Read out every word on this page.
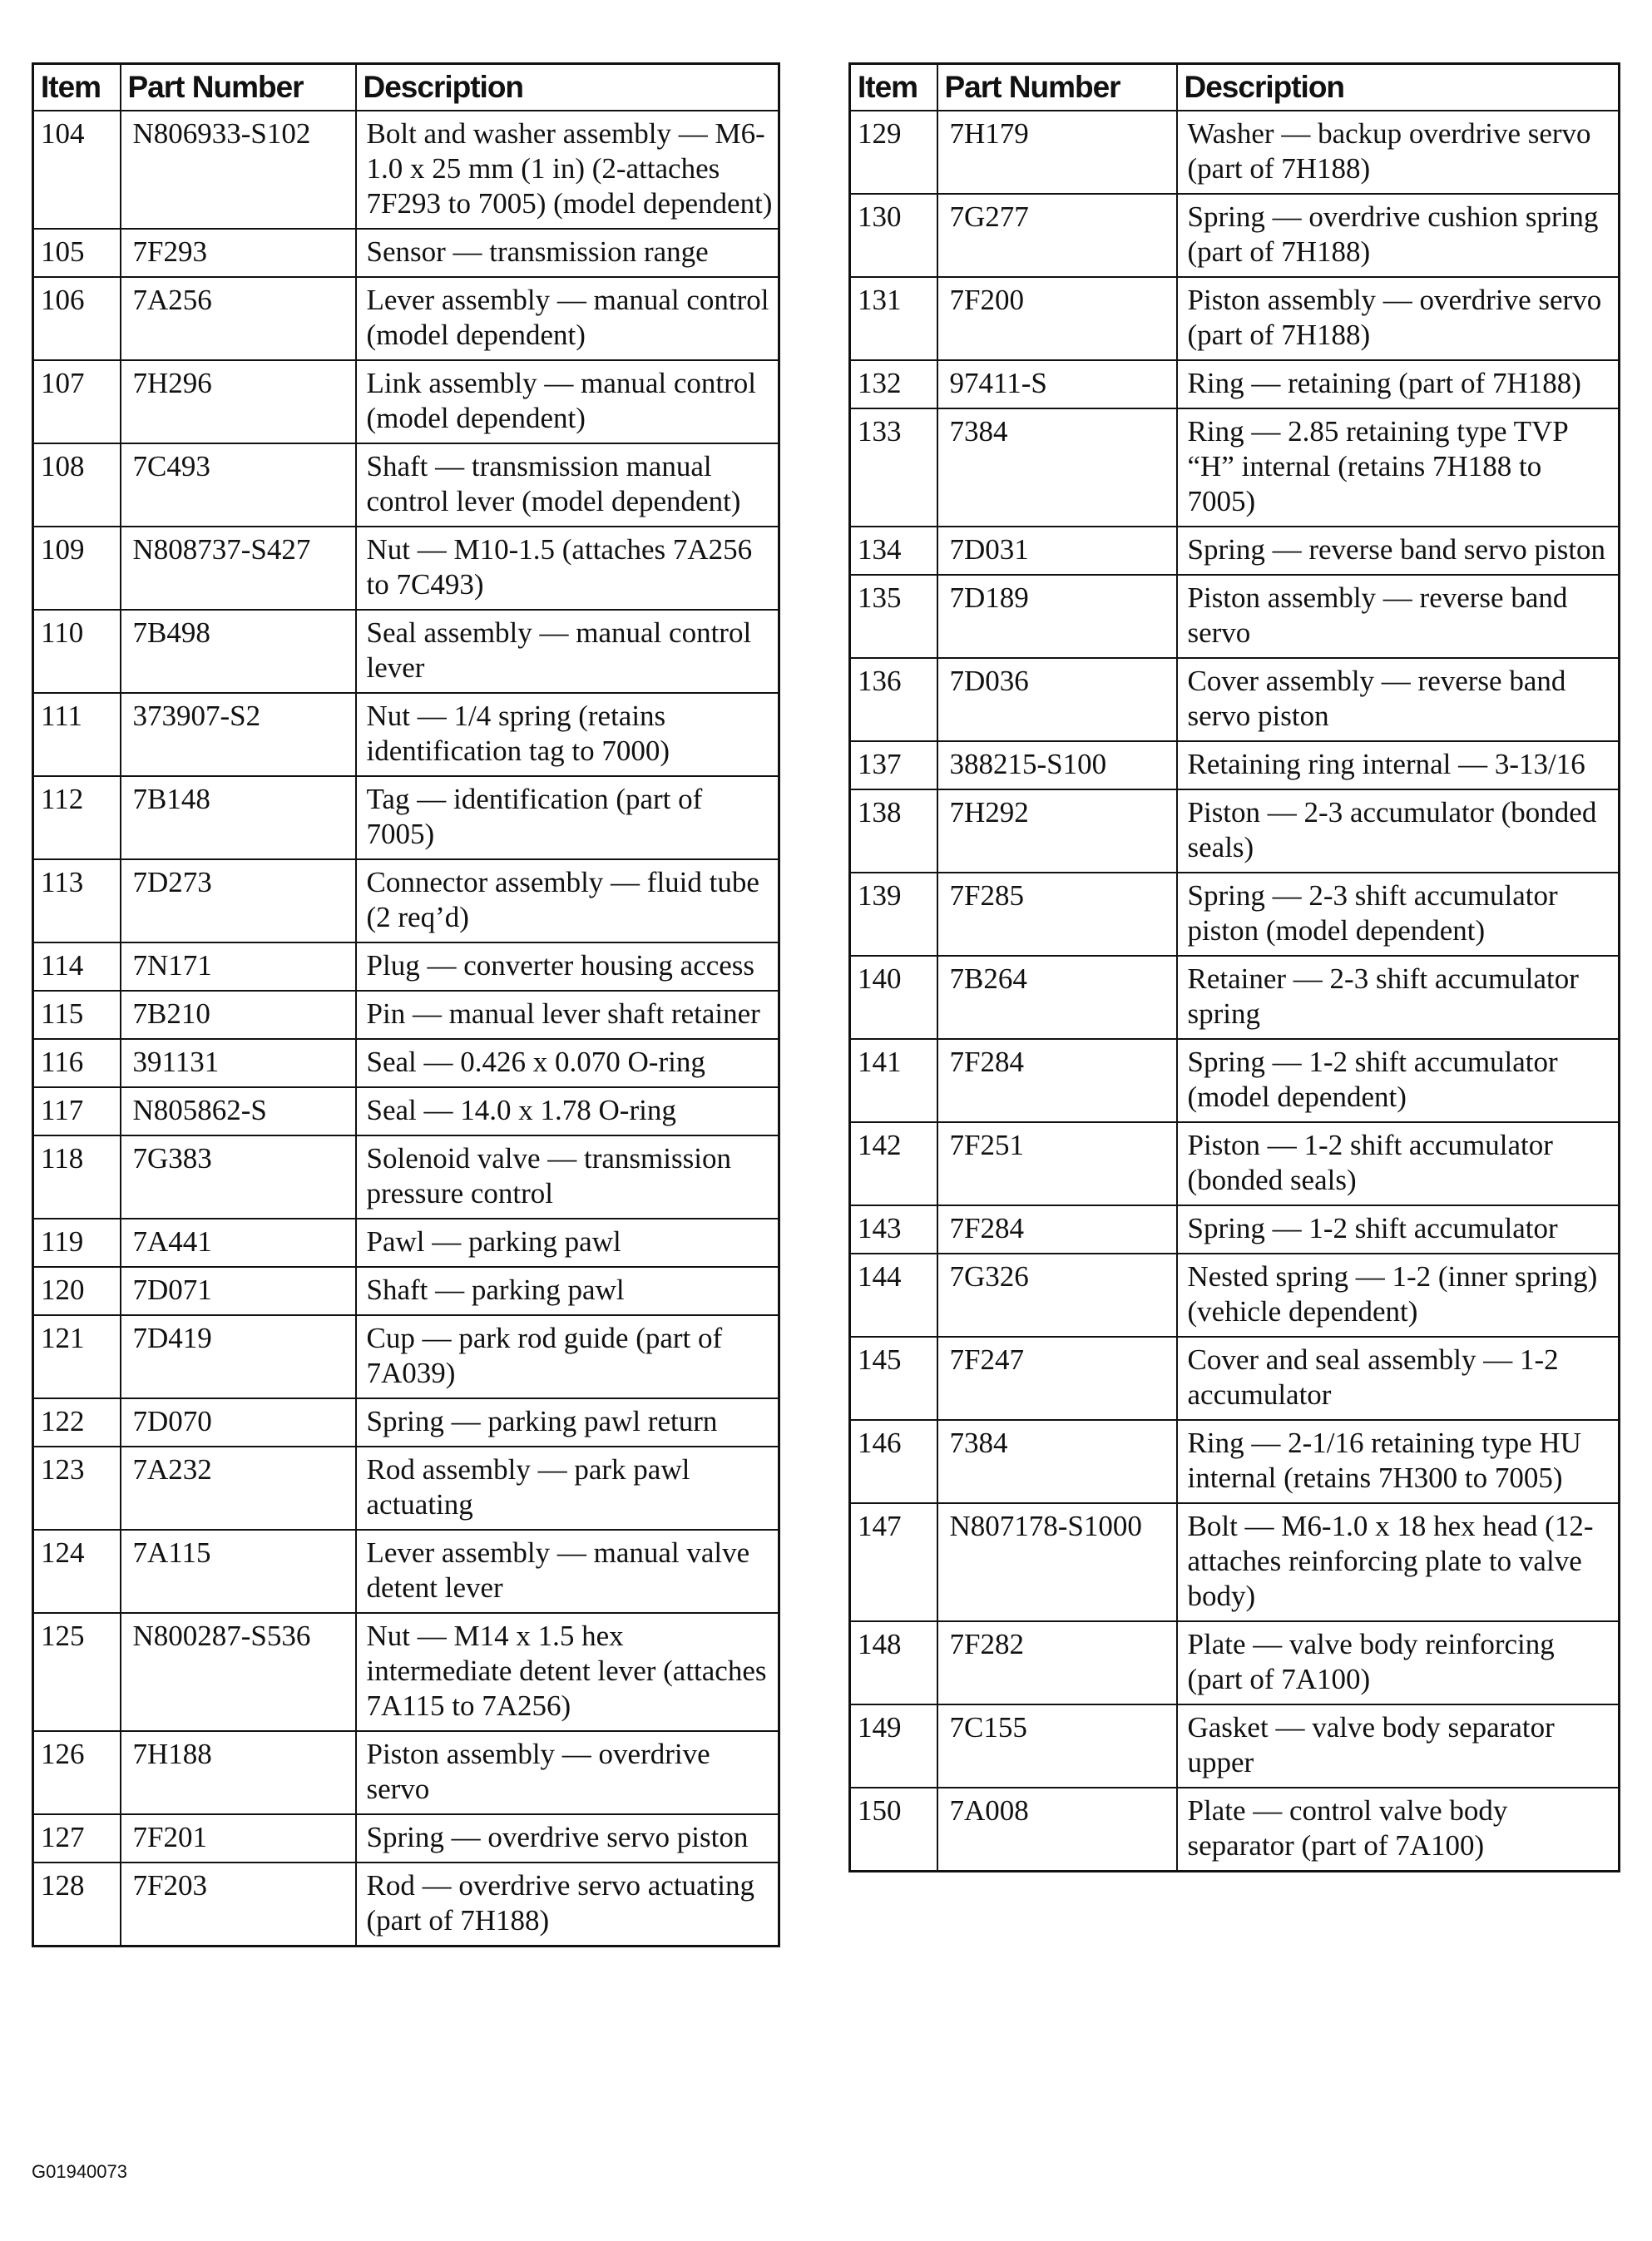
Item	Part Number	Description
104	N806933-S102	Bolt and washer assembly — M6-1.0 x 25 mm (1 in) (2-attaches 7F293 to 7005) (model dependent)
105	7F293	Sensor — transmission range
106	7A256	Lever assembly — manual control (model dependent)
107	7H296	Link assembly — manual control (model dependent)
108	7C493	Shaft — transmission manual control lever (model dependent)
109	N808737-S427	Nut — M10-1.5 (attaches 7A256 to 7C493)
110	7B498	Seal assembly — manual control lever
111	373907-S2	Nut — 1/4 spring (retains identification tag to 7000)
112	7B148	Tag — identification (part of 7005)
113	7D273	Connector assembly — fluid tube (2 req’d)
114	7N171	Plug — converter housing access
115	7B210	Pin — manual lever shaft retainer
116	391131	Seal — 0.426 x 0.070 O-ring
117	N805862-S	Seal — 14.0 x 1.78 O-ring
118	7G383	Solenoid valve — transmission pressure control
119	7A441	Pawl — parking pawl
120	7D071	Shaft — parking pawl
121	7D419	Cup — park rod guide (part of 7A039)
122	7D070	Spring — parking pawl return
123	7A232	Rod assembly — park pawl actuating
124	7A115	Lever assembly — manual valve detent lever
125	N800287-S536	Nut — M14 x 1.5 hex intermediate detent lever (attaches 7A115 to 7A256)
126	7H188	Piston assembly — overdrive servo
127	7F201	Spring — overdrive servo piston
128	7F203	Rod — overdrive servo actuating (part of 7H188)
Item	Part Number	Description
129	7H179	Washer — backup overdrive servo (part of 7H188)
130	7G277	Spring — overdrive cushion spring (part of 7H188)
131	7F200	Piston assembly — overdrive servo (part of 7H188)
132	97411-S	Ring — retaining (part of 7H188)
133	7384	Ring — 2.85 retaining type TVP “H” internal (retains 7H188 to 7005)
134	7D031	Spring — reverse band servo piston
135	7D189	Piston assembly — reverse band servo
136	7D036	Cover assembly — reverse band servo piston
137	388215-S100	Retaining ring internal — 3-13/16
138	7H292	Piston — 2-3 accumulator (bonded seals)
139	7F285	Spring — 2-3 shift accumulator piston (model dependent)
140	7B264	Retainer — 2-3 shift accumulator spring
141	7F284	Spring — 1-2 shift accumulator (model dependent)
142	7F251	Piston — 1-2 shift accumulator (bonded seals)
143	7F284	Spring — 1-2 shift accumulator
144	7G326	Nested spring — 1-2 (inner spring) (vehicle dependent)
145	7F247	Cover and seal assembly — 1-2 accumulator
146	7384	Ring — 2-1/16 retaining type HU internal (retains 7H300 to 7005)
147	N807178-S1000	Bolt — M6-1.0 x 18 hex head (12-attaches reinforcing plate to valve body)
148	7F282	Plate — valve body reinforcing (part of 7A100)
149	7C155	Gasket — valve body separator upper
150	7A008	Plate — control valve body separator (part of 7A100)
G01940073
